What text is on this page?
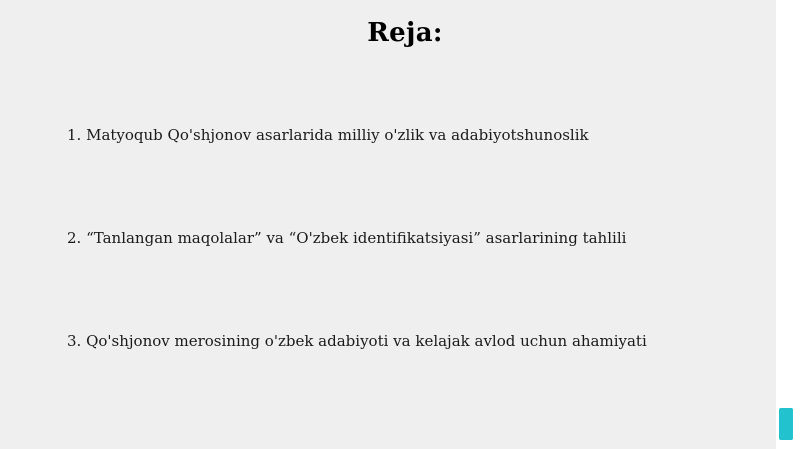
Reja:
1. Matyoqub Qo'shjonov asarlarida milliy o'zlik va adabiyotshunoslik
2. “Tanlangan maqolalar” va “O'zbek identifikatsiyasi” asarlarining tahlili
3. Qo'shjonov merosining o'zbek adabiyoti va kelajak avlod uchun ahamiyati
